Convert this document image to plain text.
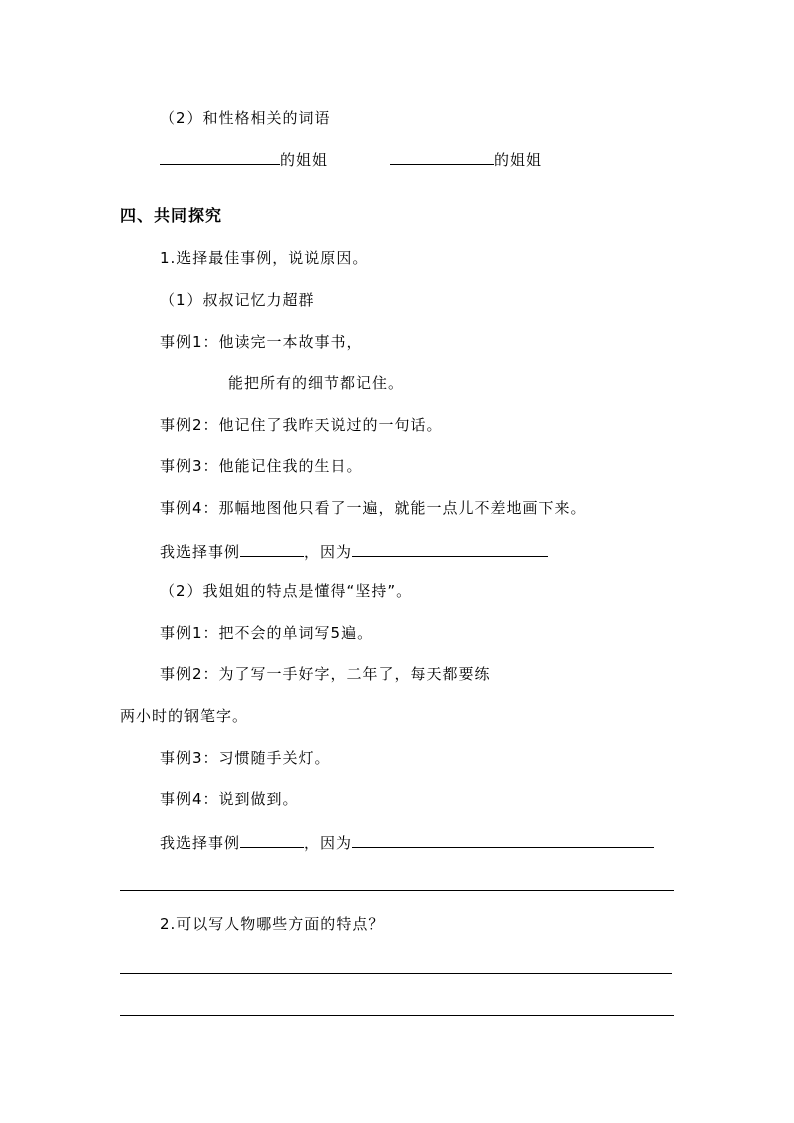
（2）和性格相关的词语
的姐姐	的姐姐
四、共同探究
1.选择最佳事例，说说原因。
（1）叔叔记忆力超群
事例1：他读完一本故事书，
能把所有的细节都记住。
事例2：他记住了我昨天说过的一句话。
事例3：他能记住我的生日。
事例4：那幅地图他只看了一遍，就能一点儿不差地画下来。
我选择事例	，因为
（2）我姐姐的特点是懂得“坚持”。
事例1：把不会的单词写5遍。
事例2：为了写一手好字，二年了，每天都要练
两小时的钢笔字。
事例3：习惯随手关灯。
事例4：说到做到。
我选择事例	，因为
2.可以写人物哪些方面的特点？
